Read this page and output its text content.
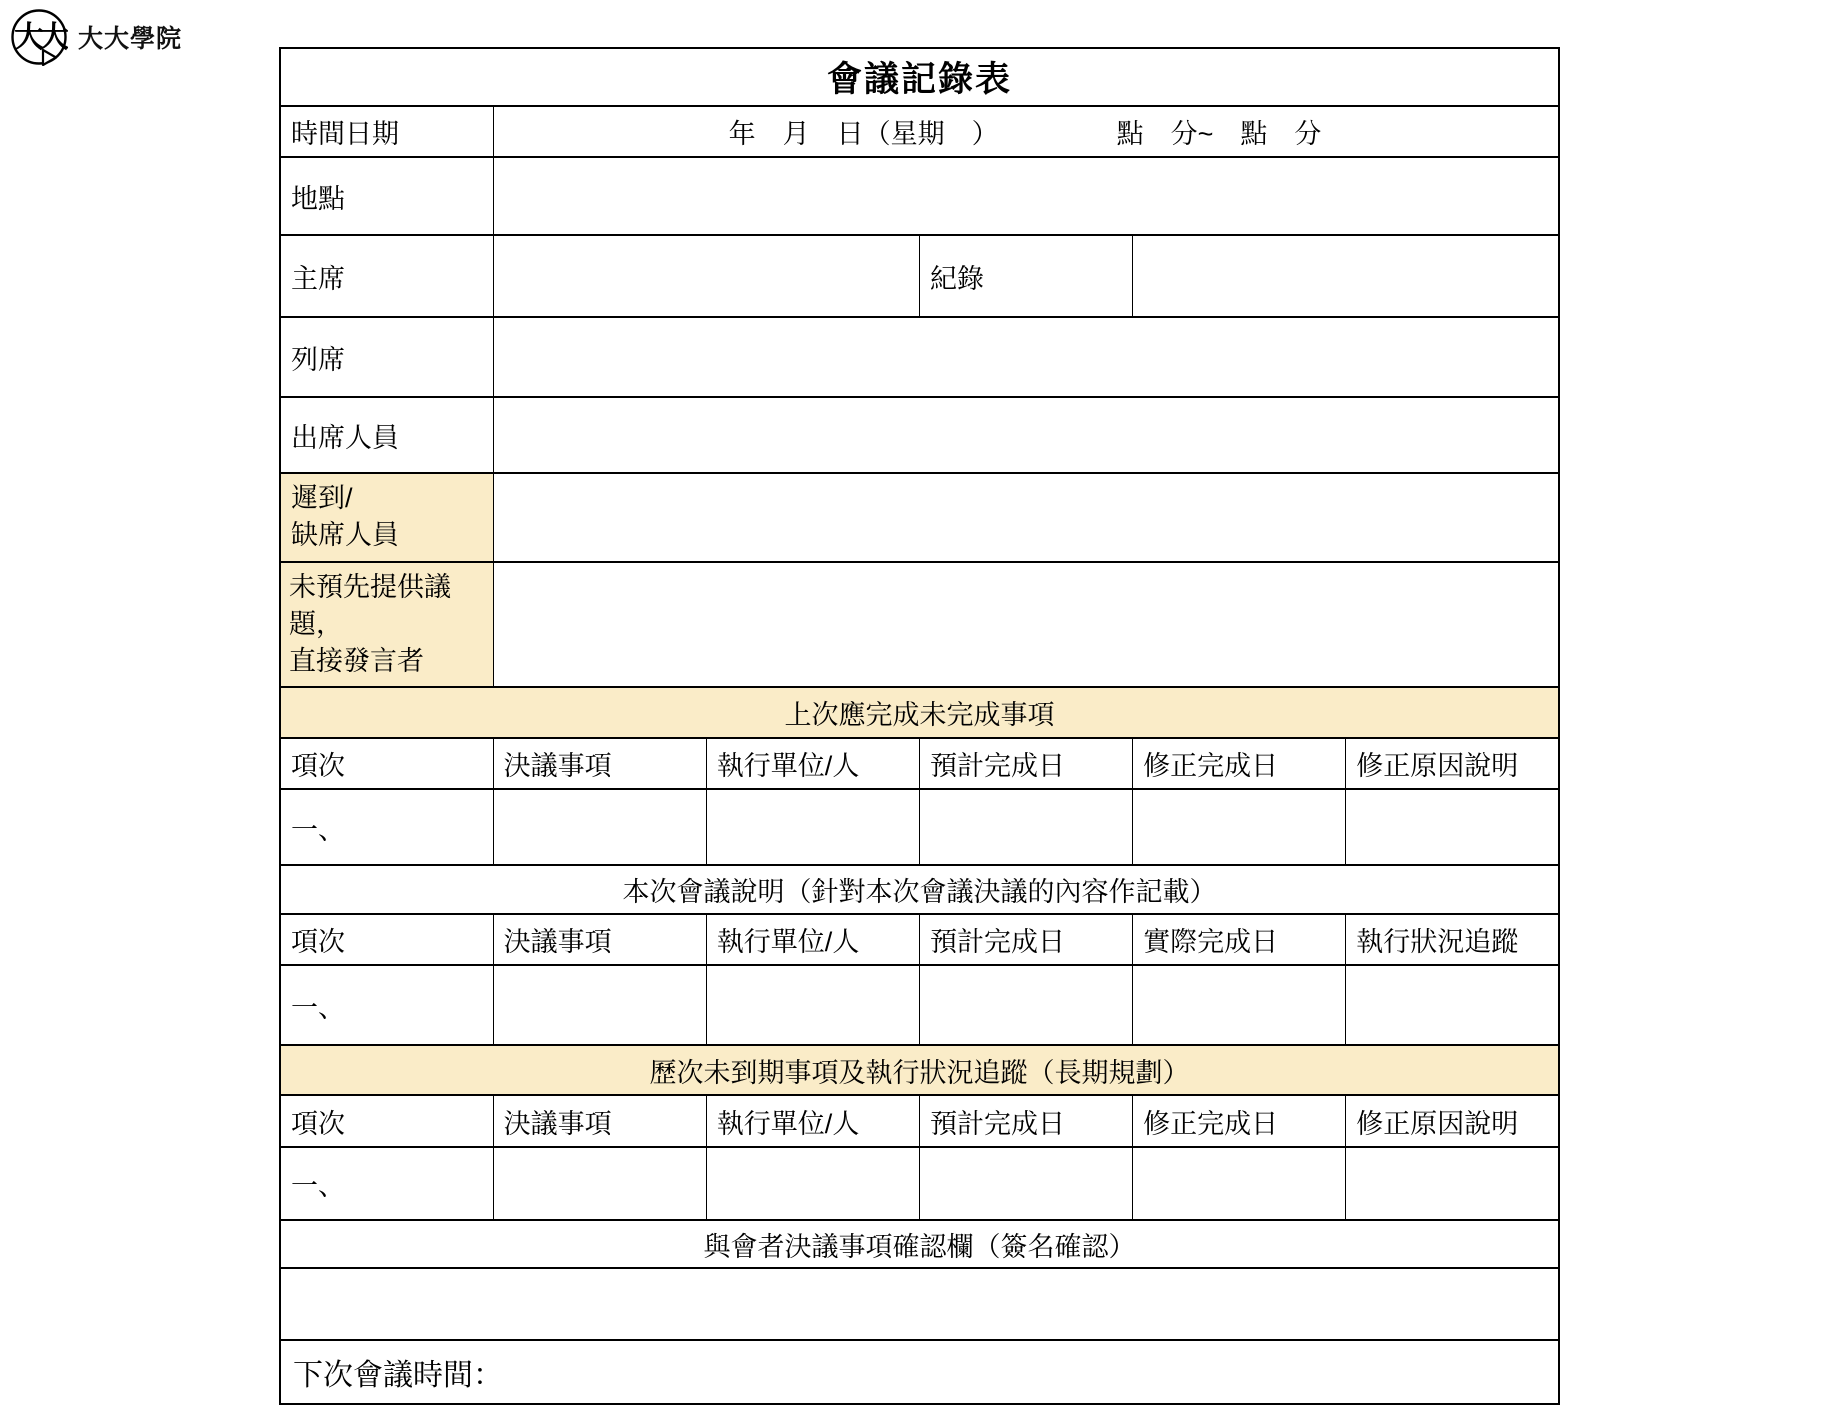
大大 大大學院
會議記錄表					
時間日期	年　月　日（星期　） 點　分~　點　分				

地點					
主席			紀錄		
列席					
出席人員					

遲到/
缺席人員					

未預先提供議題，
直接發言者					

上次應完成未完成事項					
項次	決議事項	執行單位/人	預計完成日	修正完成日	修正原因說明
一、					
本次會議說明（針對本次會議決議的內容作記載）					
項次	決議事項	執行單位/人	預計完成日	實際完成日	執行狀況追蹤
一、					
歷次未到期事項及執行狀況追蹤（長期規劃）					
項次	決議事項	執行單位/人	預計完成日	修正完成日	修正原因說明
一、					
與會者決議事項確認欄（簽名確認）					

下次會議時間：					
